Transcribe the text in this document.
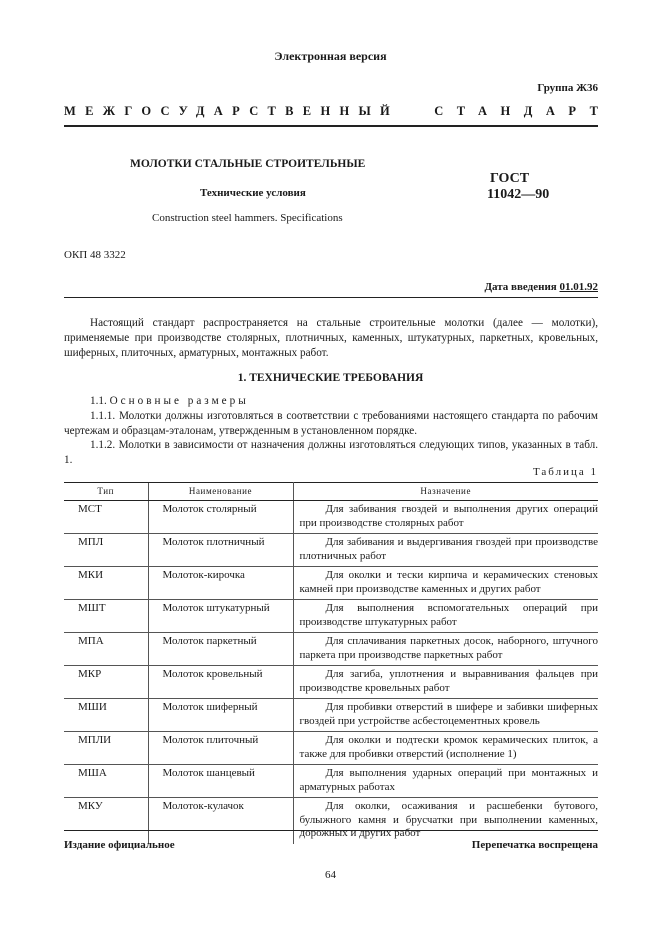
Электронная версия
Группа Ж36
МЕЖГОСУДАРСТВЕННЫЙ	СТАНДАРТ
МОЛОТКИ СТАЛЬНЫЕ СТРОИТЕЛЬНЫЕ
Технические условия
Construction steel hammers. Specifications
ГОСТ
11042—90
ОКП 48 3322
Дата введения 01.01.92

Настоящий стандарт распространяется на стальные строительные молотки (далее — молотки), применяемые при производстве столярных, плотничных, каменных, штукатурных, паркетных, кровельных, шиферных, плиточных, арматурных, монтажных работ.

1. ТЕХНИЧЕСКИЕ ТРЕБОВАНИЯ

1.1. Основные размеры

1.1.1. Молотки должны изготовляться в соответствии с требованиями настоящего стандарта по рабочим чертежам и образцам-эталонам, утвержденным в установленном порядке.

1.1.2. Молотки в зависимости от назначения должны изготовляться следующих типов, указанных в табл. 1.

Таблица 1
Тип	Наименование	Назначение
МСТ	Молоток столярный	Для забивания гвоздей и выполнения других операций при производстве столярных работ

МПЛ	Молоток плотничный	Для забивания и выдергивания гвоздей при производстве плотничных работ

МКИ	Молоток-кирочка	Для околки и тески кирпича и керамических стеновых камней при производстве каменных и других работ

МШТ	Молоток штукатурный	Для выполнения вспомогательных операций при производстве штукатурных работ

МПА	Молоток паркетный	Для сплачивания паркетных досок, наборного, штучного паркета при производстве паркетных работ

МКР	Молоток кровельный	Для загиба, уплотнения и выравнивания фальцев при производстве кровельных работ

МШИ	Молоток шиферный	Для пробивки отверстий в шифере и забивки шиферных гвоздей при устройстве асбестоцементных кровель

МПЛИ	Молоток плиточный	Для околки и подтески кромок керамических плиток, а также для пробивки отверстий (исполнение 1)

МША	Молоток шанцевый	Для выполнения ударных операций при монтажных и арматурных работах

МКУ	Молоток-кулачок	Для околки, осаживания и расшебенки бутового, булыжного камня и брусчатки при выполнении каменных, дорожных и других работ
Издание официальное	Перепечатка воспрещена
64
